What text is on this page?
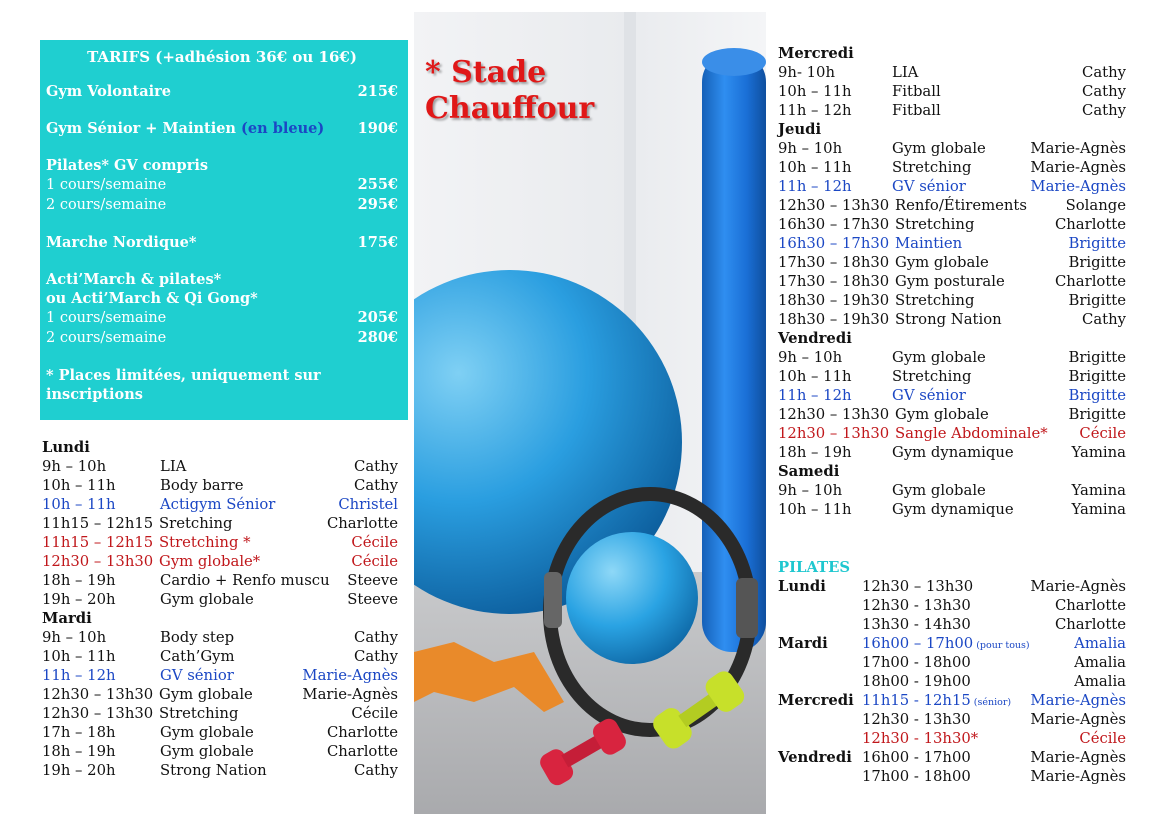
TARIFS (+adhésion 36€ ou 16€)
Gym Volontaire	215€
Gym Sénior + Maintien (en bleue) 190€
Pilates* GV compris
1 cours/semaine	255€
2 cours/semaine	295€
Marche Nordique*	175€
Acti’March & pilates*
ou Acti’March & Qi Gong*
1 cours/semaine	205€
2 cours/semaine	280€
* Places limitées, uniquement sur inscriptions
Lundi
9h – 10h	LIA	Cathy
10h – 11h	Body barre	Cathy
10h – 11h	Actigym Sénior	Christel
11h15 – 12h15 Sretching	Charlotte
11h15 – 12h15 Stretching *	Cécile
12h30 – 13h30 Gym globale*	Cécile
18h – 19h	Cardio + Renfo muscu Steeve
19h – 20h	Gym globale	Steeve
Mardi
9h – 10h	Body step	Cathy
10h – 11h	Cath’Gym	Cathy
11h – 12h	GV sénior	Marie-Agnès
12h30 – 13h30 Gym globale	Marie-Agnès
12h30 – 13h30 Stretching	Cécile
17h – 18h	Gym globale	Charlotte
18h – 19h	Gym globale	Charlotte
19h – 20h	Strong Nation	Cathy
* Stade
Chauffour
Mercredi
9h- 10h	LIA	Cathy
10h – 11h	Fitball	Cathy
11h – 12h	Fitball	Cathy
Jeudi
9h – 10h	Gym globale	Marie-Agnès
10h – 11h	Stretching	Marie-Agnès
11h – 12h	GV sénior	Marie-Agnès
12h30 – 13h30 Renfo/Étirements	Solange
16h30 – 17h30 Stretching	Charlotte
16h30 – 17h30 Maintien	Brigitte
17h30 – 18h30 Gym globale	Brigitte
17h30 – 18h30 Gym posturale	Charlotte
18h30 – 19h30 Stretching	Brigitte
18h30 – 19h30 Strong Nation	Cathy
Vendredi
9h – 10h	Gym globale	Brigitte
10h – 11h	Stretching	Brigitte
11h – 12h	GV sénior	Brigitte
12h30 – 13h30 Gym globale	Brigitte
12h30 – 13h30 Sangle Abdominale* Cécile
18h – 19h	Gym dynamique	Yamina
Samedi
9h – 10h	Gym globale	Yamina
10h – 11h	Gym dynamique	Yamina
PILATES
Lundi 12h30 – 13h30	Marie-Agnès
12h30 - 13h30	Charlotte
13h30 - 14h30	Charlotte
Mardi 16h00 – 17h00 (pour tous)	Amalia
17h00 - 18h00	Amalia
18h00 - 19h00	Amalia
Mercredi 11h15 - 12h15 (sénior) Marie-Agnès
12h30 - 13h30	Marie-Agnès
12h30 - 13h30*	Cécile
Vendredi 16h00 - 17h00	Marie-Agnès
17h00 - 18h00	Marie-Agnès
